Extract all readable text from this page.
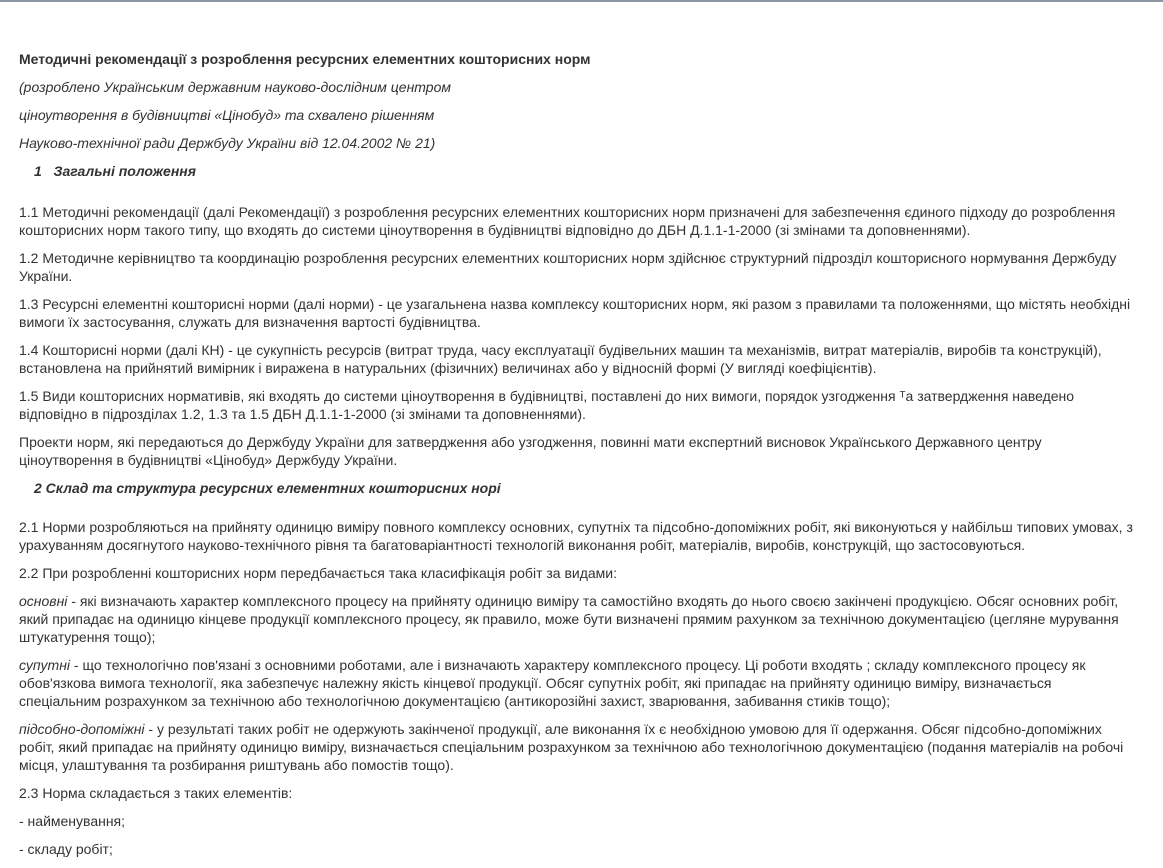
Методичні рекомендації з розроблення ресурсних елементних кошторисних норм

(розроблено Українським державним науково-дослідним центром

ціноутворення в будівництві «Цінобуд» та схвалено рішенням

Науково-технічної ради Держбуду України від 12.04.2002 № 21)

1   Загальні положення

1.1 Методичні рекомендації (далі Рекомендації) з розроблення ресурсних елементних кошторисних норм призначені для забезпечення єдиного підходу до розроблення кошторисних норм такого типу, що входять до системи ціноутворення в будівництві відповідно до ДБН Д.1.1-1-2000 (зі змінами та доповненнями).

1.2 Методичне керівництво та координацію розроблення ресурсних елементних кошторисних норм здійснює структурний підрозділ кошторисного нормування Держбуду України.

1.3 Ресурсні елементні кошторисні норми (далі норми) - це узагальнена назва комплексу кошторисних норм, які разом з правилами та положеннями, що містять необхідні вимоги їх застосування, служать для визначення вартості будівництва.

1.4 Кошторисні норми (далі КН) - це сукупність ресурсів (витрат труда, часу експлуатації будівельних машин та механізмів, витрат матеріалів, виробів та конструкцій), встановлена на прийнятий вимірник і виражена в натуральних (фізичних) величинах або у відносній формі (У вигляді коефіцієнтів).

1.5 Види кошторисних нормативів, які входять до системи ціноутворення в будівництві, поставлені до них вимоги, порядок узгодження ᵀа затвердження наведено відповідно в підрозділах 1.2, 1.3 та 1.5 ДБН Д.1.1-1-2000 (зі змінами та доповненнями).

Проекти норм, які передаються до Держбуду України для затвердження або узгодження, повинні мати експертний висновок Українського Державного центру ціноутворення в будівництві «Цінобуд» Держбуду України.

2 Склад та структура ресурсних елементних кошторисних норі

2.1 Норми розробляються на прийняту одиницю виміру повного комплексу основних, супутніх та підсобно-допоміжних робіт, які виконуються у найбільш типових умовах, з урахуванням досягнутого науково-технічного рівня та багатоваріантності технологій виконання робіт, матеріалів, виробів, конструкцій, що застосовуються.

2.2 При розробленні кошторисних норм передбачається така класифікація робіт за видами:

основні - які визначають характер комплексного процесу на прийняту одиницю виміру та самостійно входять до нього своєю закінчені продукцією. Обсяг основних робіт, який припадає на одиницю кінцеве продукції комплексного процесу, як правило, може бути визначені прямим рахунком за технічною документацією (цегляне мурування штукатурення тощо);

супутні - що технологічно пов'язані з основними роботами, але і визначають характеру комплексного процесу. Ці роботи входять ; складу комплексного процесу як обов'язкова вимога технології, яка забезпечує належну якість кінцевої продукції. Обсяг супутніх робіт, які припадає на прийняту одиницю виміру, визначається спеціальним розрахунком за технічною або технологічною документацією (антикорозійні захист, зварювання, забивання стиків тощо);

підсобно-допоміжні - у результаті таких робіт не одержують закінченої продукції, але виконання їх є необхідною умовою для її одержання. Обсяг підсобно-допоміжних робіт, який припадає на прийняту одиницю виміру, визначається спеціальним розрахунком за технічною або технологічною документацією (подання матеріалів на робочі місця, улаштування та розбирання риштувань або помостів тощо).

2.3 Норма складається з таких елементів:

- найменування;

- складу робіт;
